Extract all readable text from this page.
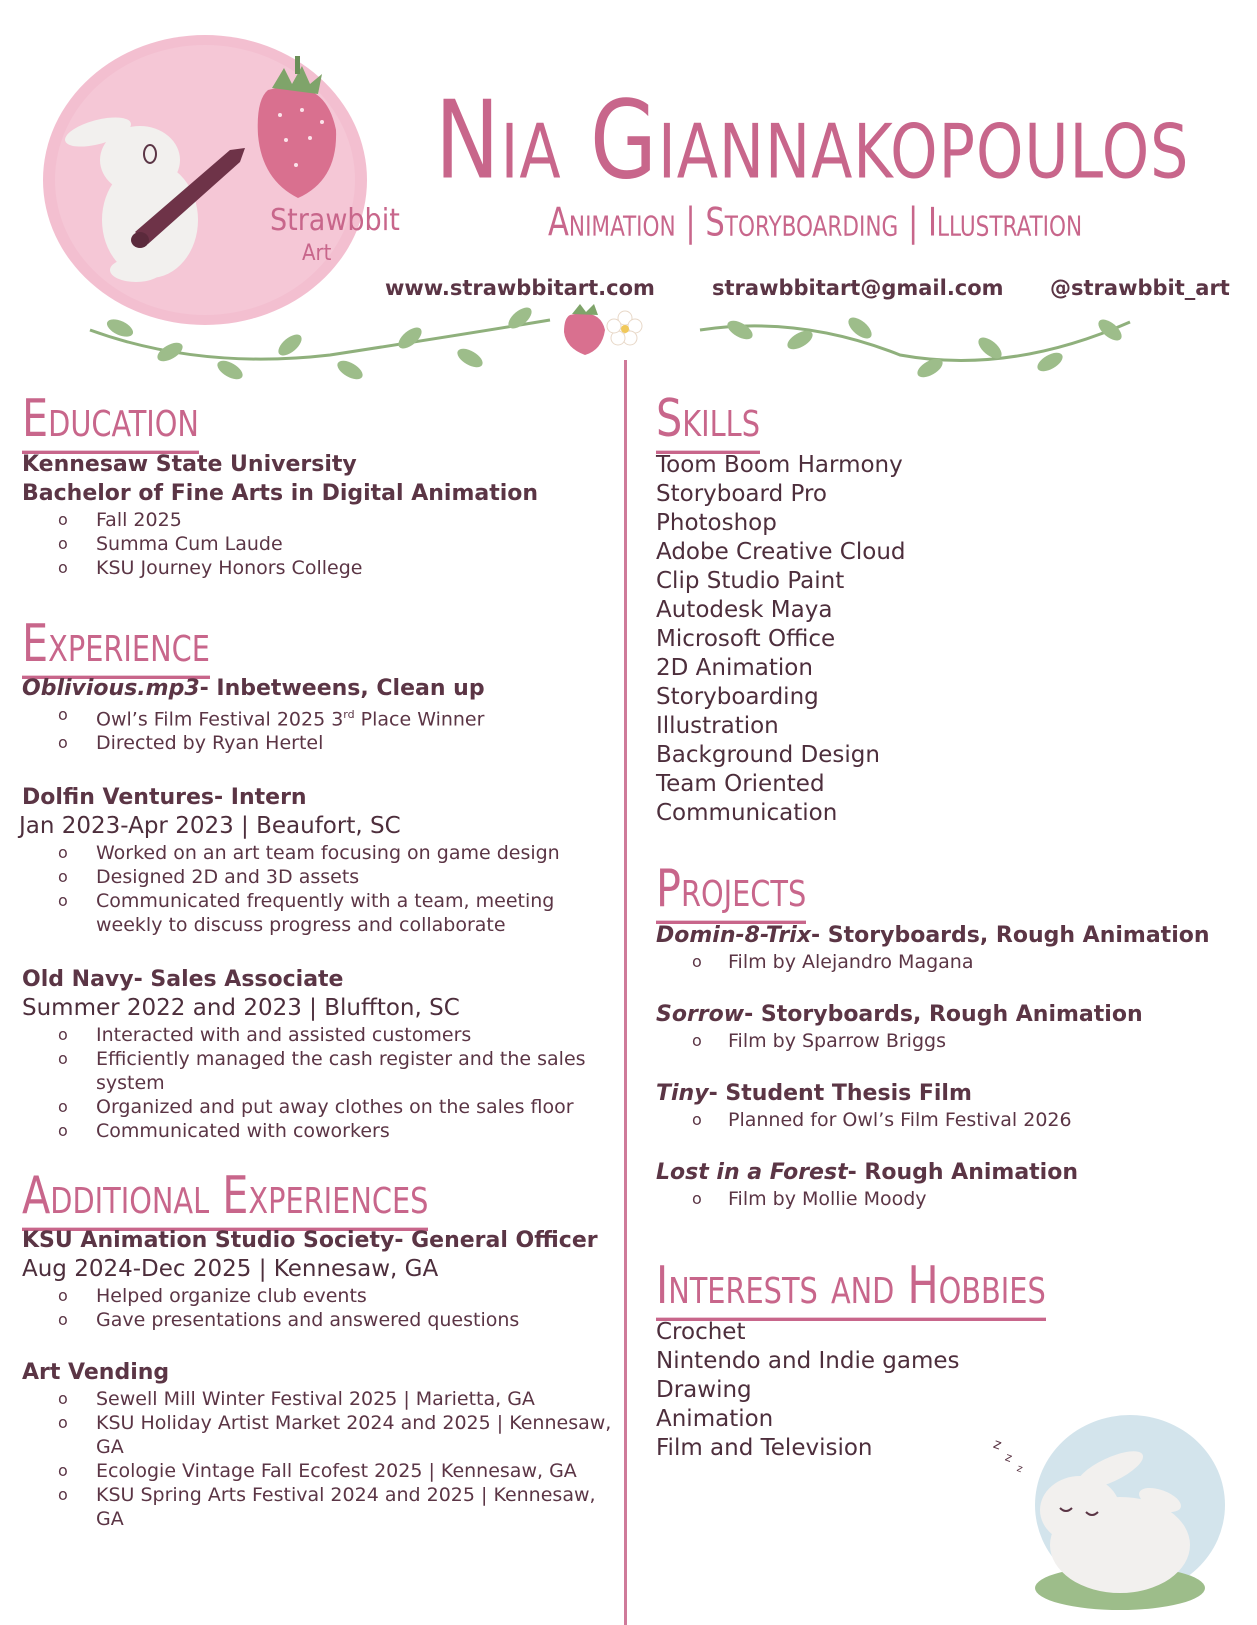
Strawbbit
Art
Nia Giannakopoulos
Animation | Storyboarding | Illustration
www.strawbbitart.com	strawbbitart@gmail.com @strawbbit_art
Education
Kennesaw State University
Bachelor of Fine Arts in Digital Animation
o Fall 2025
o Summa Cum Laude
o KSU Journey Honors College
Experience
Oblivious.mp3- Inbetweens, Clean up
o Owl’s Film Festival 2025 3rd Place Winner
o Directed by Ryan Hertel
Dolfin Ventures- Intern
Jan 2023-Apr 2023 | Beaufort, SC
o Worked on an art team focusing on game design
o Designed 2D and 3D assets
o Communicated frequently with a team, meeting weekly to discuss progress and collaborate
Old Navy- Sales Associate
Summer 2022 and 2023 | Bluffton, SC
o Interacted with and assisted customers
o Efficiently managed the cash register and the sales system
o Organized and put away clothes on the sales floor
o Communicated with coworkers
Additional Experiences
KSU Animation Studio Society- General Officer
Aug 2024-Dec 2025 | Kennesaw, GA
o Helped organize club events
o Gave presentations and answered questions
Art Vending
o Sewell Mill Winter Festival 2025 | Marietta, GA
o KSU Holiday Artist Market 2024 and 2025 | Kennesaw, GA
o Ecologie Vintage Fall Ecofest 2025 | Kennesaw, GA
o KSU Spring Arts Festival 2024 and 2025 | Kennesaw, GA
Skills
Toom Boom Harmony
Storyboard Pro
Photoshop
Adobe Creative Cloud
Clip Studio Paint
Autodesk Maya
Microsoft Office
2D Animation
Storyboarding
Illustration
Background Design
Team Oriented
Communication
Projects
Domin-8-Trix- Storyboards, Rough Animation
o Film by Alejandro Magana
Sorrow- Storyboards, Rough Animation
o Film by Sparrow Briggs
Tiny- Student Thesis Film
o Planned for Owl’s Film Festival 2026
Lost in a Forest- Rough Animation
o Film by Mollie Moody
Interests and Hobbies
Crochet
Nintendo and Indie games
Drawing
Animation
Film and Television	z
z
z
